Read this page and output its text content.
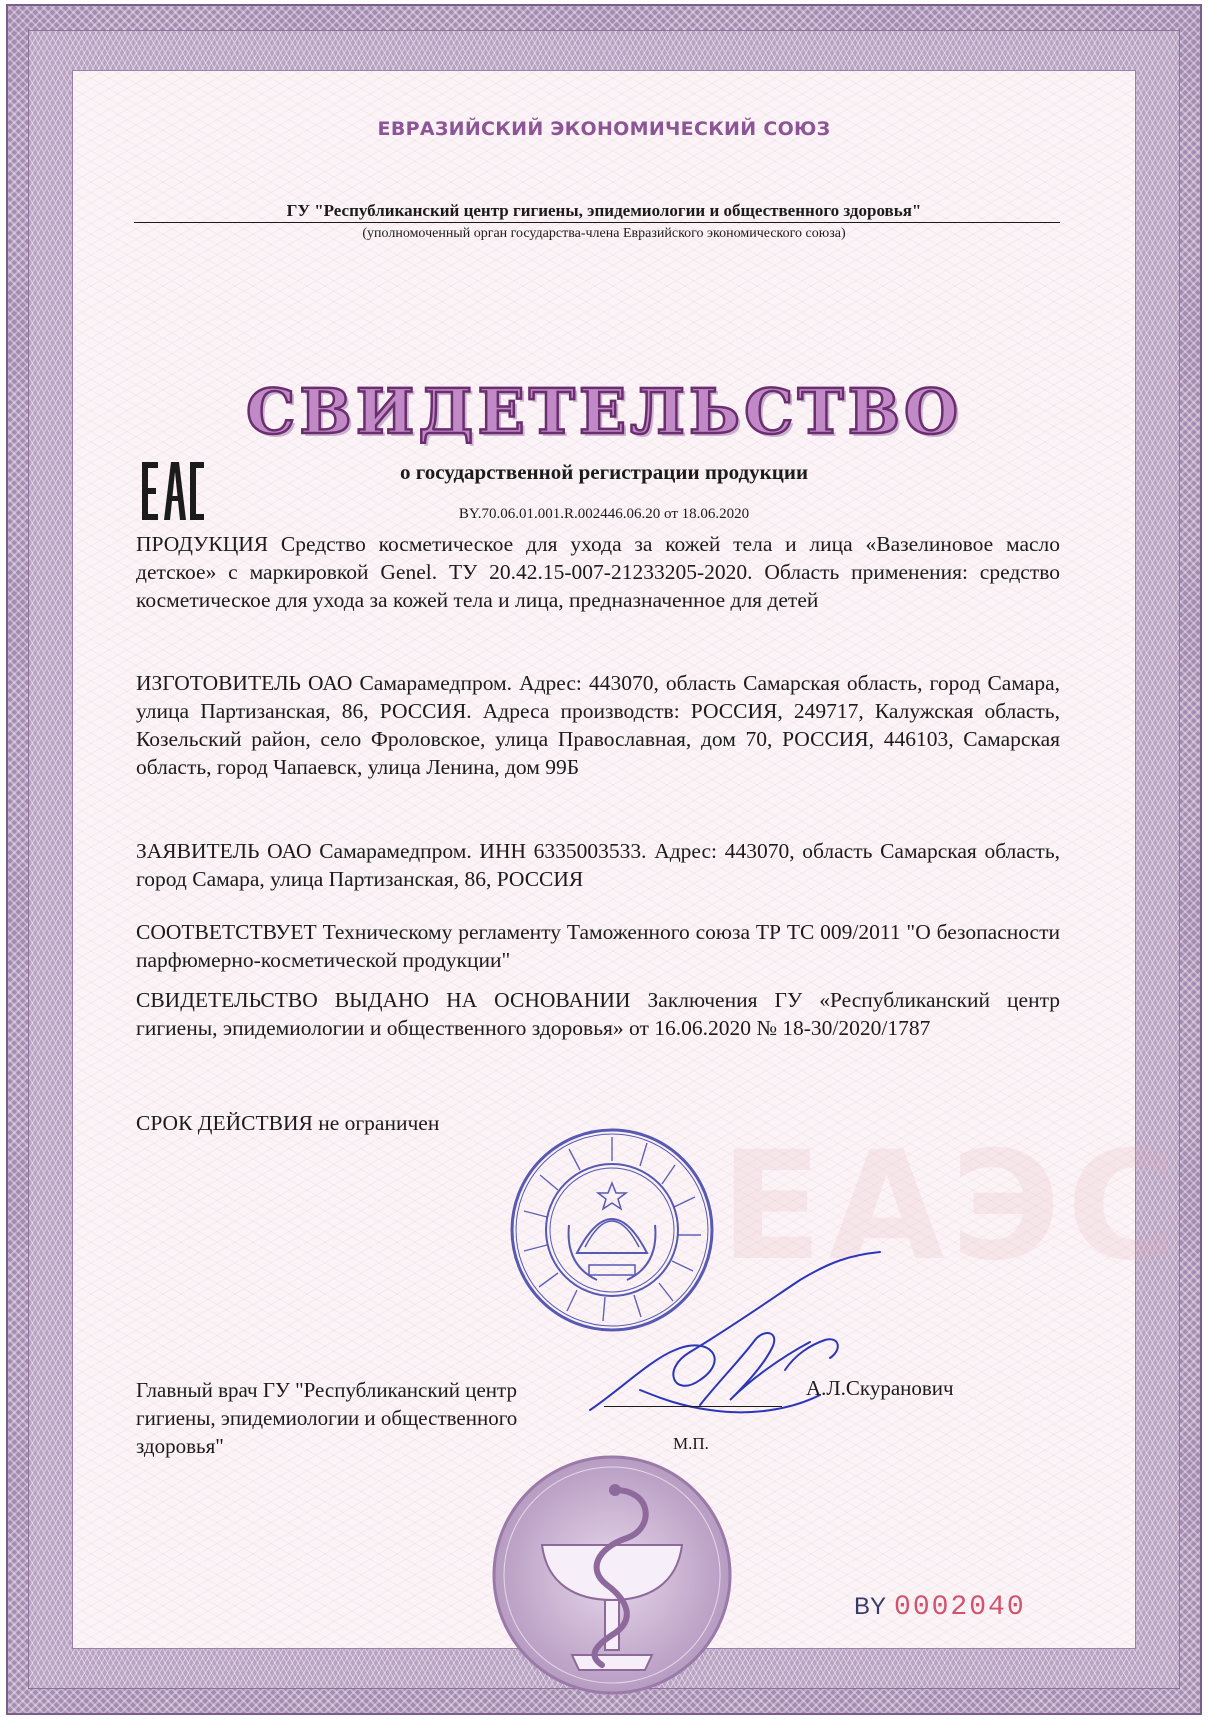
ЕАЭС
ЕВРАЗИЙСКИЙ ЭКОНОМИЧЕСКИЙ СОЮЗ
ГУ "Республиканский центр гигиены, эпидемиологии и общественного здоровья"
(уполномоченный орган государства-члена Евразийского экономического союза)
СВИДЕТЕЛЬСТВО
о государственной регистрации продукции
BY.70.06.01.001.R.002446.06.20 от 18.06.2020
ПРОДУКЦИЯ Средство косметическое для ухода за кожей тела и лица «Вазелиновое масло детское» с маркировкой Genel. ТУ 20.42.15-007-21233205-2020. Область применения: средство косметическое для ухода за кожей тела и лица, предназначенное для детей
ИЗГОТОВИТЕЛЬ ОАО Самарамедпром. Адрес: 443070, область Самарская область, город Самара, улица Партизанская, 86, РОССИЯ. Адреса производств: РОССИЯ, 249717, Калужская область, Козельский район, село Фроловское, улица Православная, дом 70, РОССИЯ, 446103, Самарская область, город Чапаевск, улица Ленина, дом 99Б
ЗАЯВИТЕЛЬ ОАО Самарамедпром. ИНН 6335003533. Адрес: 443070, область Самарская область, город Самара, улица Партизанская, 86, РОССИЯ
СООТВЕТСТВУЕТ Техническому регламенту Таможенного союза ТР ТС 009/2011 "О безопасности парфюмерно-косметической продукции"
СВИДЕТЕЛЬСТВО ВЫДАНО НА ОСНОВАНИИ Заключения ГУ «Республиканский центр гигиены, эпидемиологии и общественного здоровья» от 16.06.2020 № 18-30/2020/1787
СРОК ДЕЙСТВИЯ не ограничен
Главный врач ГУ "Республиканский центр гигиены, эпидемиологии и общественного здоровья"
А.Л.Скуранович
М.П.
BY 0002040
